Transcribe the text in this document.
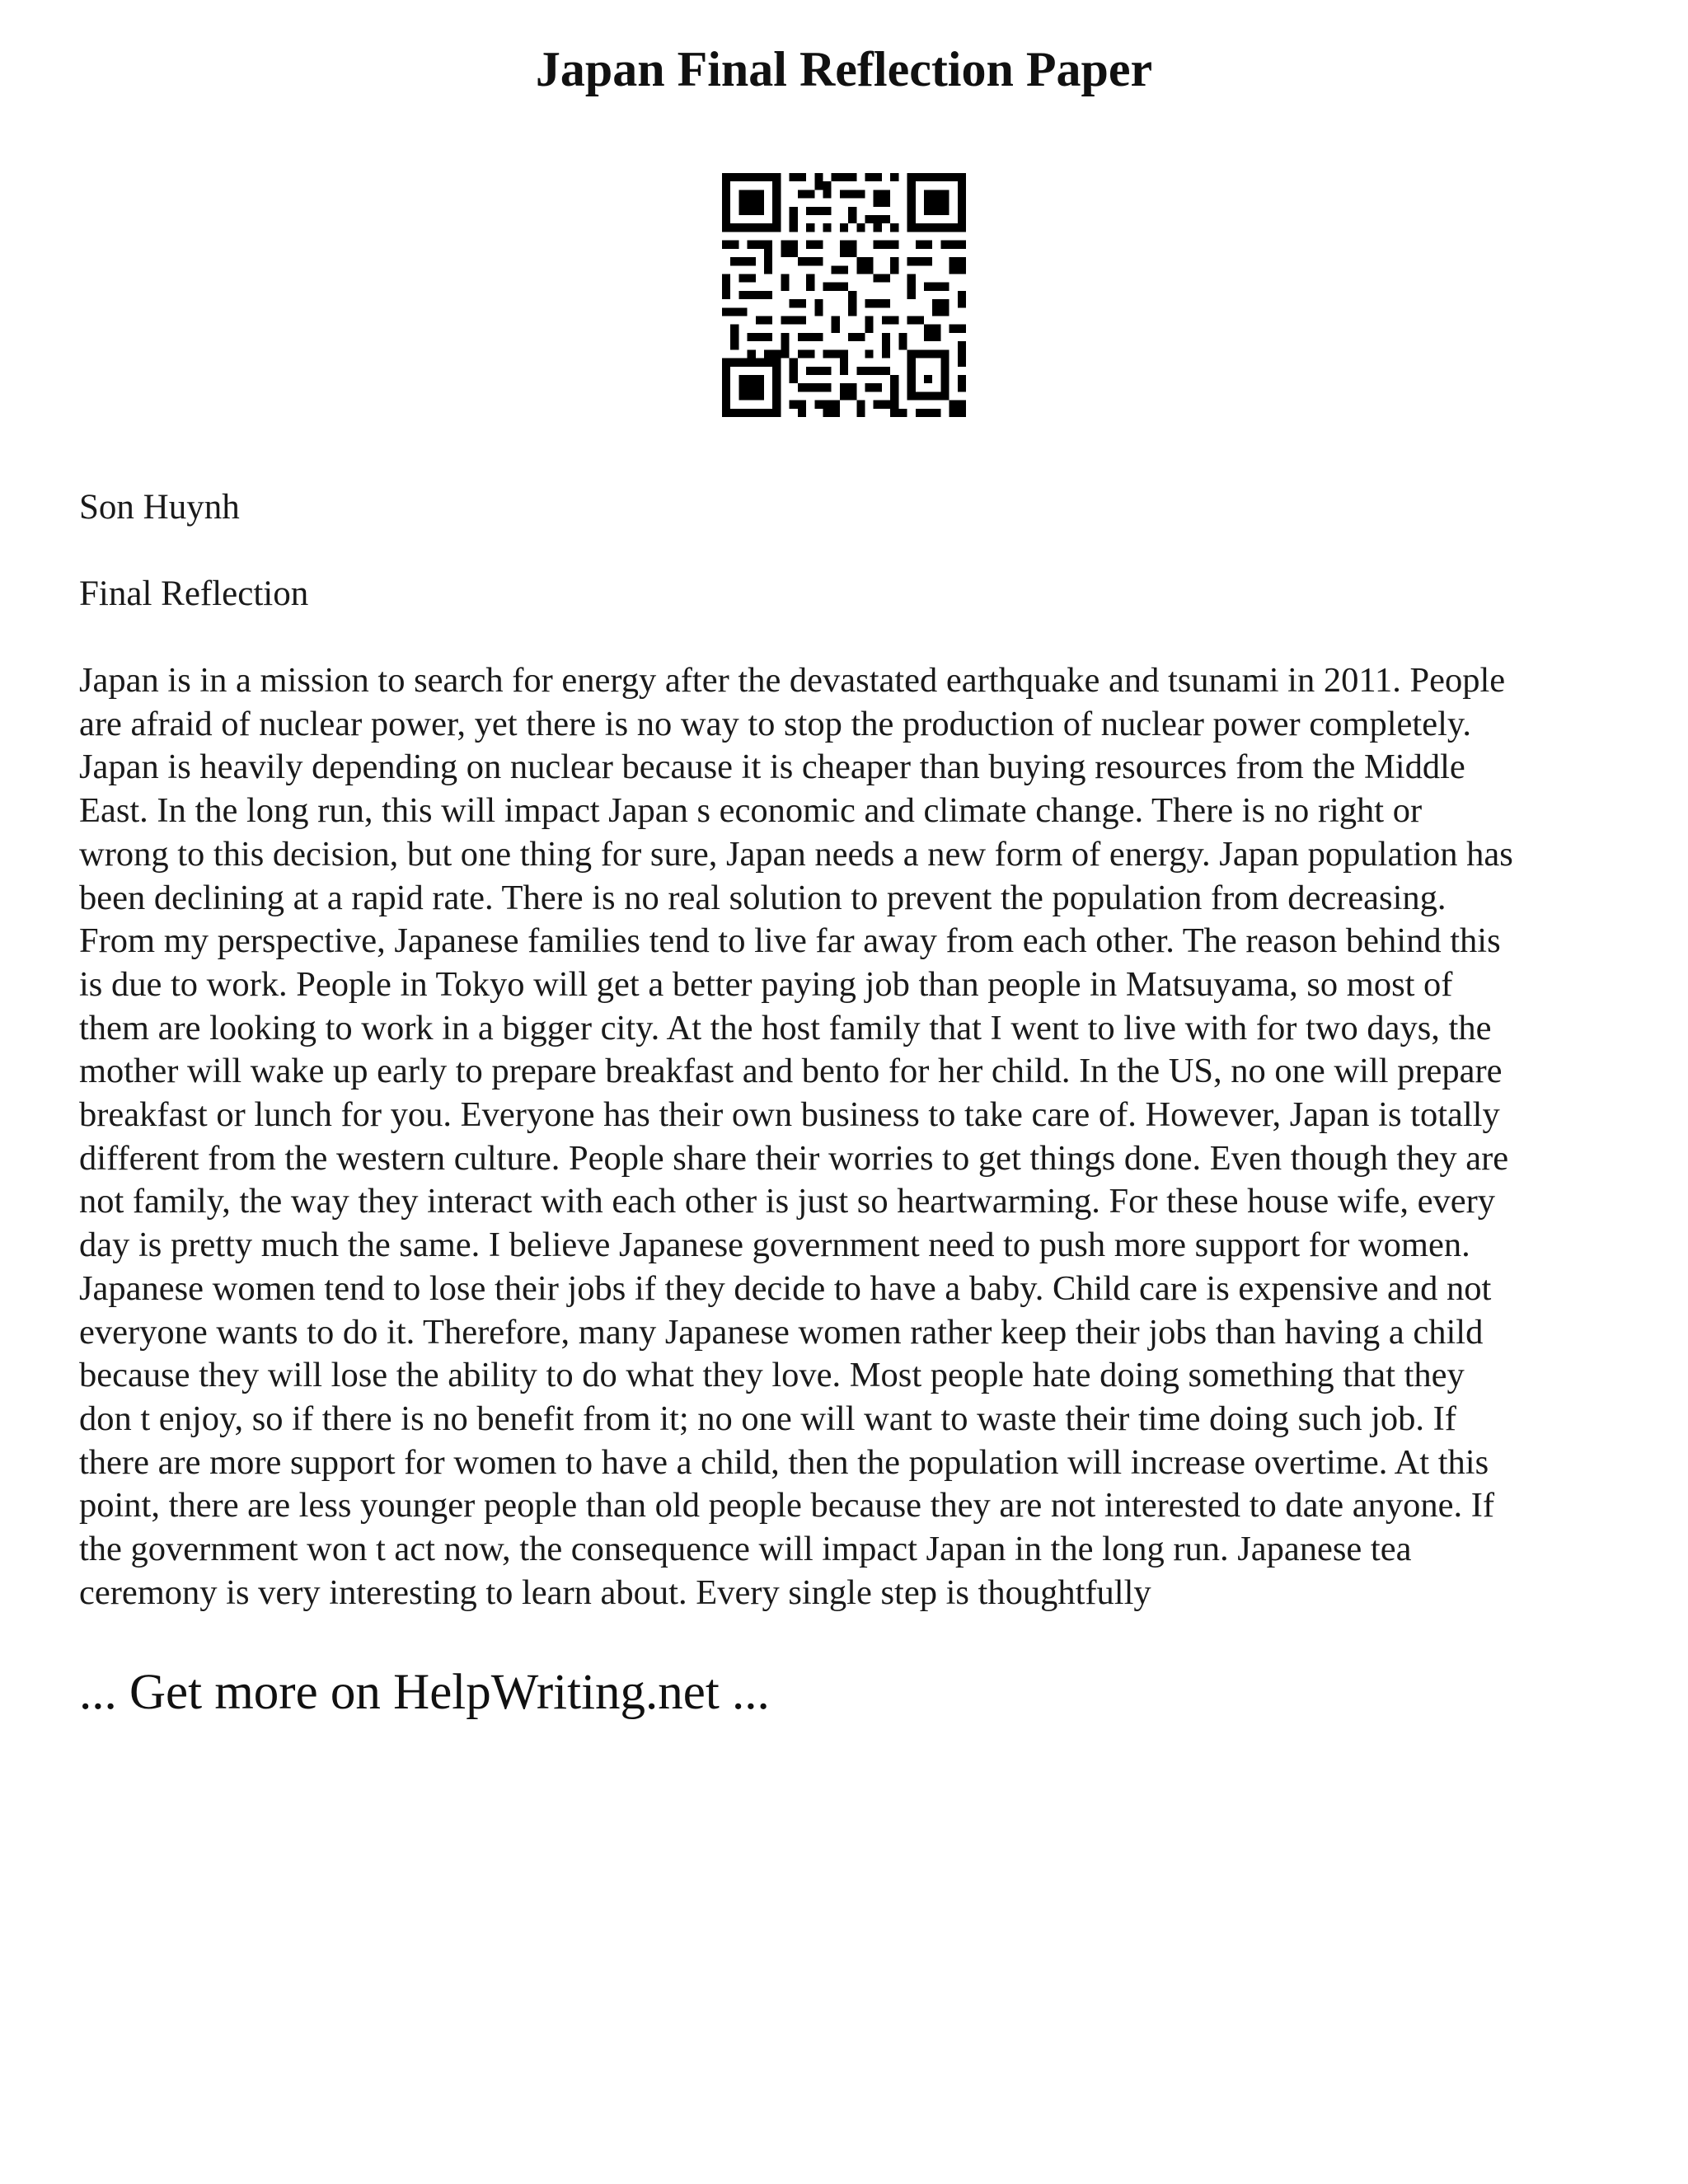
Japan Final Reflection Paper

Son Huynh

Final Reflection

Japan is in a mission to search for energy after the devastated earthquake and tsunami in 2011. People
are afraid of nuclear power, yet there is no way to stop the production of nuclear power completely.
Japan is heavily depending on nuclear because it is cheaper than buying resources from the Middle
East. In the long run, this will impact Japan s economic and climate change. There is no right or
wrong to this decision, but one thing for sure, Japan needs a new form of energy. Japan population has
been declining at a rapid rate. There is no real solution to prevent the population from decreasing.
From my perspective, Japanese families tend to live far away from each other. The reason behind this
is due to work. People in Tokyo will get a better paying job than people in Matsuyama, so most of
them are looking to work in a bigger city. At the host family that I went to live with for two days, the
mother will wake up early to prepare breakfast and bento for her child. In the US, no one will prepare
breakfast or lunch for you. Everyone has their own business to take care of. However, Japan is totally
different from the western culture. People share their worries to get things done. Even though they are
not family, the way they interact with each other is just so heartwarming. For these house wife, every
day is pretty much the same. I believe Japanese government need to push more support for women.
Japanese women tend to lose their jobs if they decide to have a baby. Child care is expensive and not
everyone wants to do it. Therefore, many Japanese women rather keep their jobs than having a child
because they will lose the ability to do what they love. Most people hate doing something that they
don t enjoy, so if there is no benefit from it; no one will want to waste their time doing such job. If
there are more support for women to have a child, then the population will increase overtime. At this
point, there are less younger people than old people because they are not interested to date anyone. If
the government won t act now, the consequence will impact Japan in the long run. Japanese tea
ceremony is very interesting to learn about. Every single step is thoughtfully
... Get more on HelpWriting.net ...
